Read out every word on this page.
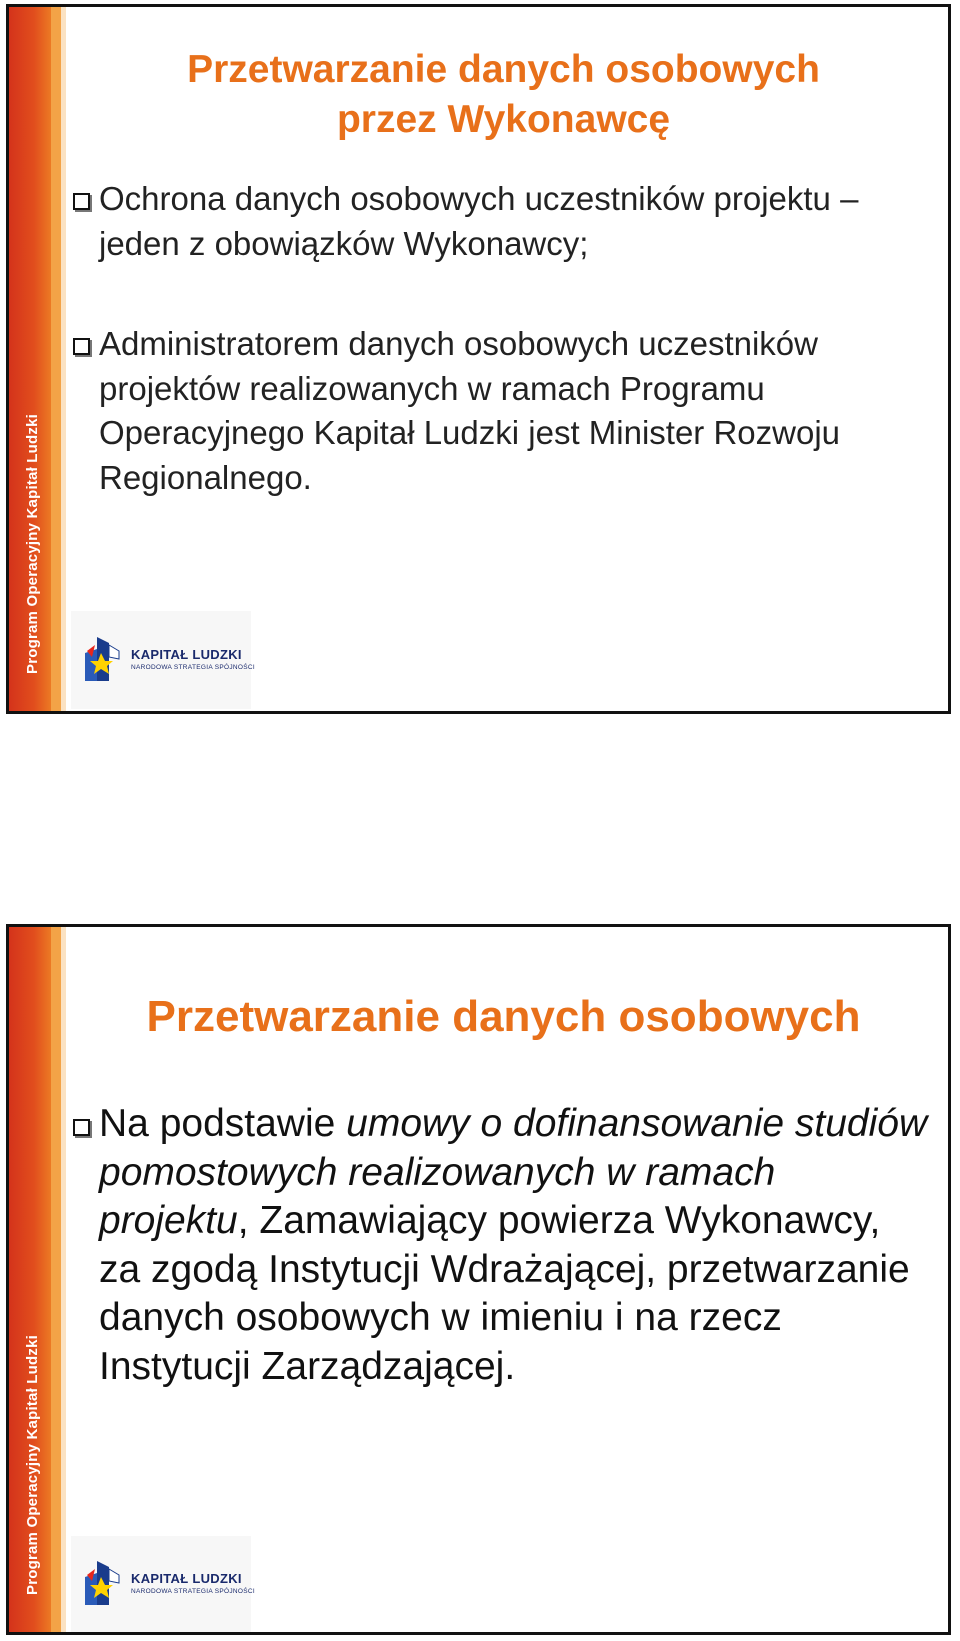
Program Operacyjny Kapitał Ludzki
Przetwarzanie danych osobowych
przez Wykonawcę
Ochrona danych osobowych uczestników projektu – jeden z obowiązków Wykonawcy;
Administratorem danych osobowych uczestników projektów realizowanych w ramach Programu Operacyjnego Kapitał Ludzki jest Minister Rozwoju Regionalnego.
KAPITAŁ LUDZKI
NARODOWA STRATEGIA SPÓJNOŚCI
Program Operacyjny Kapitał Ludzki
Przetwarzanie danych osobowych
Na podstawie umowy o dofinansowanie studiów pomostowych realizowanych w ramach projektu, Zamawiający powierza Wykonawcy, za zgodą Instytucji Wdrażającej, przetwarzanie danych osobowych w imieniu i na rzecz Instytucji Zarządzającej.
KAPITAŁ LUDZKI
NARODOWA STRATEGIA SPÓJNOŚCI
